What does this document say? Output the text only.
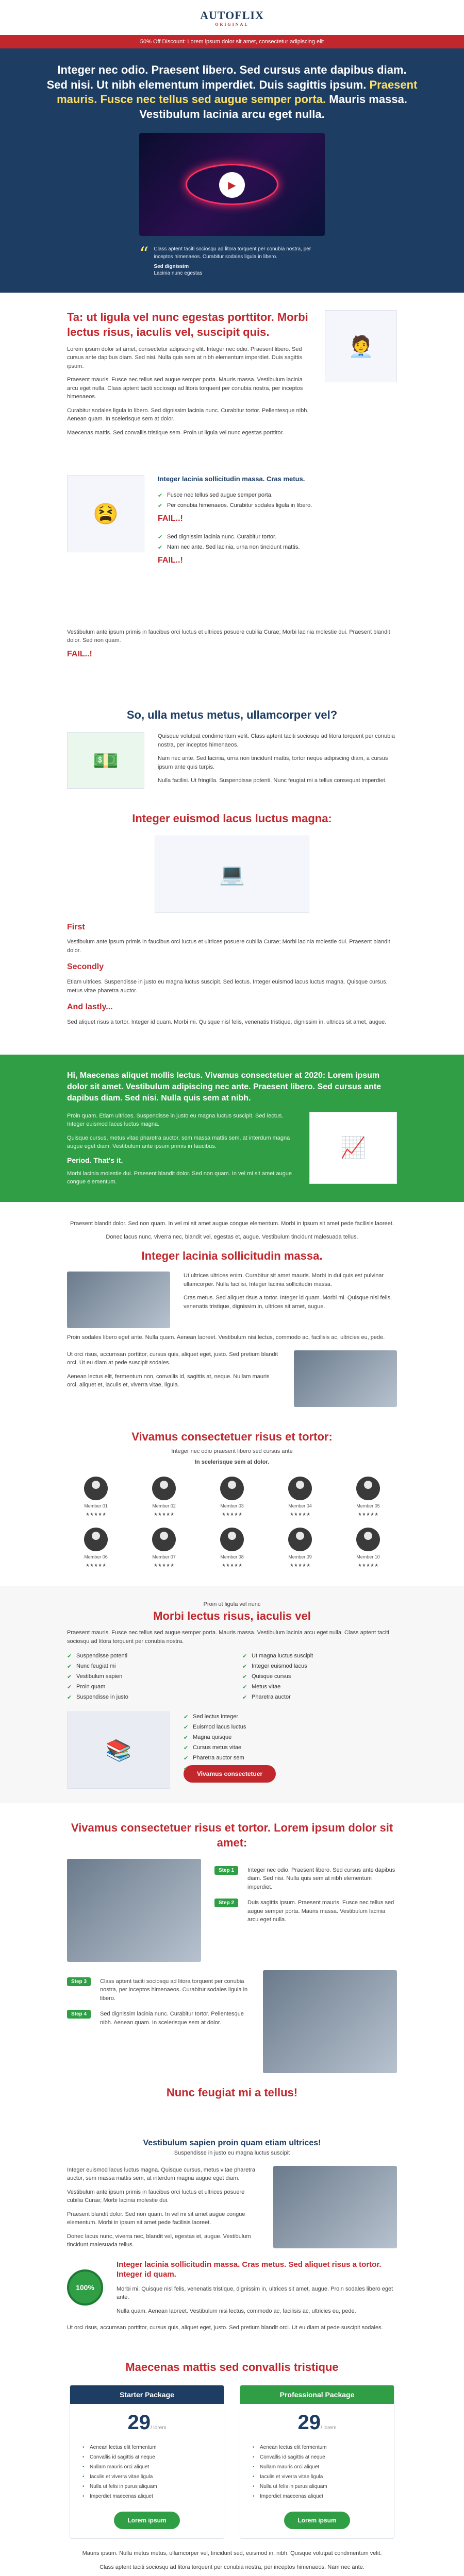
AUTOFLIX
ORIGINAL
50% Off Discount: Lorem ipsum dolor sit amet, consectetur adipiscing elit
Integer nec odio. Praesent libero. Sed cursus ante dapibus diam. Sed nisi. Ut nibh elementum imperdiet. Duis sagittis ipsum. Praesent mauris. Fusce nec tellus sed augue semper porta. Mauris massa. Vestibulum lacinia arcu eget nulla.
▶
“ Class aptent taciti sociosqu ad litora torquent per conubia nostra, per inceptos himenaeos. Curabitur sodales ligula in libero.

Sed dignissim

Lacinia nunc egestas

Ta: ut ligula vel nunc egestas porttitor. Morbi lectus risus, iaculis vel, suscipit quis.

Lorem ipsum dolor sit amet, consectetur adipiscing elit. Integer nec odio. Praesent libero. Sed cursus ante dapibus diam. Sed nisi. Nulla quis sem at nibh elementum imperdiet. Duis sagittis ipsum.

Praesent mauris. Fusce nec tellus sed augue semper porta. Mauris massa. Vestibulum lacinia arcu eget nulla. Class aptent taciti sociosqu ad litora torquent per conubia nostra, per inceptos himenaeos.

Curabitur sodales ligula in libero. Sed dignissim lacinia nunc. Curabitur tortor. Pellentesque nibh. Aenean quam. In scelerisque sem at dolor.

Maecenas mattis. Sed convallis tristique sem. Proin ut ligula vel nunc egestas porttitor.

🧑‍💼
😫
Integer lacinia sollicitudin massa. Cras metus.
✔ Fusce nec tellus sed augue semper porta.
✔ Per conubia himenaeos. Curabitur sodales ligula in libero.
FAIL..!
✔ Sed dignissim lacinia nunc. Curabitur tortor.
✔ Nam nec ante. Sed lacinia, urna non tincidunt mattis.
FAIL..!

Vestibulum ante ipsum primis in faucibus orci luctus et ultrices posuere cubilia Curae; Morbi lacinia molestie dui. Praesent blandit dolor. Sed non quam.

FAIL..!
So, ulla metus metus, ullamcorper vel?
💵

Quisque volutpat condimentum velit. Class aptent taciti sociosqu ad litora torquent per conubia nostra, per inceptos himenaeos.

Nam nec ante. Sed lacinia, urna non tincidunt mattis, tortor neque adipiscing diam, a cursus ipsum ante quis turpis.

Nulla facilisi. Ut fringilla. Suspendisse potenti. Nunc feugiat mi a tellus consequat imperdiet.

Integer euismod lacus luctus magna:
💻
First

Vestibulum ante ipsum primis in faucibus orci luctus et ultrices posuere cubilia Curae; Morbi lacinia molestie dui. Praesent blandit dolor.

Secondly

Etiam ultrices. Suspendisse in justo eu magna luctus suscipit. Sed lectus. Integer euismod lacus luctus magna. Quisque cursus, metus vitae pharetra auctor.

And lastly...

Sed aliquet risus a tortor. Integer id quam. Morbi mi. Quisque nisl felis, venenatis tristique, dignissim in, ultrices sit amet, augue.

Hi, Maecenas aliquet mollis lectus. Vivamus consectetuer at 2020: Lorem ipsum dolor sit amet. Vestibulum adipiscing nec ante. Praesent libero. Sed cursus ante dapibus diam. Sed nisi. Nulla quis sem at nibh.

Proin quam. Etiam ultrices. Suspendisse in justo eu magna luctus suscipit. Sed lectus. Integer euismod lacus luctus magna.

Quisque cursus, metus vitae pharetra auctor, sem massa mattis sem, at interdum magna augue eget diam. Vestibulum ante ipsum primis in faucibus.

Period. That's it.

Morbi lacinia molestie dui. Praesent blandit dolor. Sed non quam. In vel mi sit amet augue congue elementum.

📈

Praesent blandit dolor. Sed non quam. In vel mi sit amet augue congue elementum. Morbi in ipsum sit amet pede facilisis laoreet.

Donec lacus nunc, viverra nec, blandit vel, egestas et, augue. Vestibulum tincidunt malesuada tellus.

Integer lacinia sollicitudin massa.

Ut ultrices ultrices enim. Curabitur sit amet mauris. Morbi in dui quis est pulvinar ullamcorper. Nulla facilisi. Integer lacinia sollicitudin massa.

Cras metus. Sed aliquet risus a tortor. Integer id quam. Morbi mi. Quisque nisl felis, venenatis tristique, dignissim in, ultrices sit amet, augue.

Proin sodales libero eget ante. Nulla quam. Aenean laoreet. Vestibulum nisi lectus, commodo ac, facilisis ac, ultricies eu, pede.

Ut orci risus, accumsan porttitor, cursus quis, aliquet eget, justo. Sed pretium blandit orci. Ut eu diam at pede suscipit sodales.

Aenean lectus elit, fermentum non, convallis id, sagittis at, neque. Nullam mauris orci, aliquet et, iaculis et, viverra vitae, ligula.

Vivamus consectetuer risus et tortor:

Integer nec odio praesent libero sed cursus ante

In scelerisque sem at dolor.

Member 01
★★★★★
Member 02
★★★★★
Member 03
★★★★★
Member 04
★★★★★
Member 05
★★★★★
Member 06
★★★★★
Member 07
★★★★★
Member 08
★★★★★
Member 09
★★★★★
Member 10
★★★★★

Proin ut ligula vel nunc

Morbi lectus risus, iaculis vel

Praesent mauris. Fusce nec tellus sed augue semper porta. Mauris massa. Vestibulum lacinia arcu eget nulla. Class aptent taciti sociosqu ad litora torquent per conubia nostra.

✔ Suspendisse potenti	✔ Ut magna luctus suscipit
✔ Nunc feugiat mi	✔ Integer euismod lacus
✔ Vestibulum sapien	✔ Quisque cursus
✔ Proin quam	✔ Metus vitae
✔ Suspendisse in justo	✔ Pharetra auctor
📚
✔ Sed lectus integer
✔ Euismod lacus luctus
✔ Magna quisque
✔ Cursus metus vitae
✔ Pharetra auctor sem
✔ Vivamus consectetuer
Vivamus consectetuer risus et tortor. Lorem ipsum dolor sit amet:
Step 1	Integer nec odio. Praesent libero. Sed cursus ante dapibus diam. Sed nisi. Nulla quis sem at nibh elementum imperdiet.

Step 2	Duis sagittis ipsum. Praesent mauris. Fusce nec tellus sed augue semper porta. Mauris massa. Vestibulum lacinia arcu eget nulla.

Step 3	Class aptent taciti sociosqu ad litora torquent per conubia nostra, per inceptos himenaeos. Curabitur sodales ligula in libero.

Step 4	Sed dignissim lacinia nunc. Curabitur tortor. Pellentesque nibh. Aenean quam. In scelerisque sem at dolor.

Nunc feugiat mi a tellus!
Vestibulum sapien proin quam etiam ultrices!

Suspendisse in justo eu magna luctus suscipit

Integer euismod lacus luctus magna. Quisque cursus, metus vitae pharetra auctor, sem massa mattis sem, at interdum magna augue eget diam.

Vestibulum ante ipsum primis in faucibus orci luctus et ultrices posuere cubilia Curae; Morbi lacinia molestie dui.

Praesent blandit dolor. Sed non quam. In vel mi sit amet augue congue elementum. Morbi in ipsum sit amet pede facilisis laoreet.

Donec lacus nunc, viverra nec, blandit vel, egestas et, augue. Vestibulum tincidunt malesuada tellus.

100%
Integer lacinia sollicitudin massa. Cras metus. Sed aliquet risus a tortor. Integer id quam.

Morbi mi. Quisque nisl felis, venenatis tristique, dignissim in, ultrices sit amet, augue. Proin sodales libero eget ante.

Nulla quam. Aenean laoreet. Vestibulum nisi lectus, commodo ac, facilisis ac, ultricies eu, pede.

Ut orci risus, accumsan porttitor, cursus quis, aliquet eget, justo. Sed pretium blandit orci. Ut eu diam at pede suscipit sodales.

Maecenas mattis sed convallis tristique
Starter Package
29/ lorem
• Aenean lectus elit fermentum
• Convallis id sagittis at neque
• Nullam mauris orci aliquet
• Iaculis et viverra vitae ligula
• Nulla ut felis in purus aliquam
• Imperdiet maecenas aliquet
Lorem ipsum
Professional Package
29/ lorem
• Aenean lectus elit fermentum
• Convallis id sagittis at neque
• Nullam mauris orci aliquet
• Iaculis et viverra vitae ligula
• Nulla ut felis in purus aliquam
• Imperdiet maecenas aliquet
Lorem ipsum

Mauris ipsum. Nulla metus metus, ullamcorper vel, tincidunt sed, euismod in, nibh. Quisque volutpat condimentum velit.

Class aptent taciti sociosqu ad litora torquent per conubia nostra, per inceptos himenaeos. Nam nec ante.
